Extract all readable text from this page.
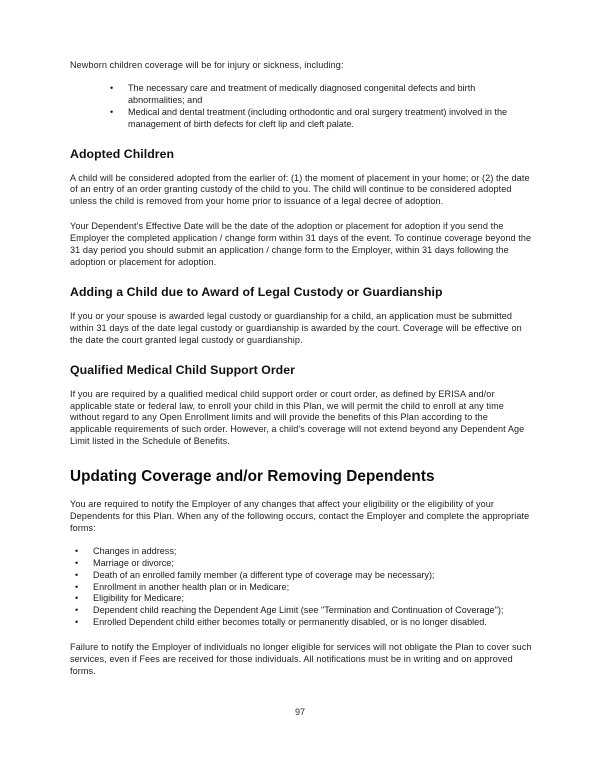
Newborn children coverage will be for injury or sickness, including:

• The necessary care and treatment of medically diagnosed congenital defects and birth abnormalities; and
• Medical and dental treatment (including orthodontic and oral surgery treatment) involved in the management of birth defects for cleft lip and cleft palate.
Adopted Children

A child will be considered adopted from the earlier of: (1) the moment of placement in your home; or (2) the date of an entry of an order granting custody of the child to you. The child will continue to be considered adopted unless the child is removed from your home prior to issuance of a legal decree of adoption.

Your Dependent's Effective Date will be the date of the adoption or placement for adoption if you send the Employer the completed application / change form within 31 days of the event. To continue coverage beyond the 31 day period you should submit an application / change form to the Employer, within 31 days following the adoption or placement for adoption.

Adding a Child due to Award of Legal Custody or Guardianship

If you or your spouse is awarded legal custody or guardianship for a child, an application must be submitted within 31 days of the date legal custody or guardianship is awarded by the court. Coverage will be effective on the date the court granted legal custody or guardianship.

Qualified Medical Child Support Order

If you are required by a qualified medical child support order or court order, as defined by ERISA and/or applicable state or federal law, to enroll your child in this Plan, we will permit the child to enroll at any time without regard to any Open Enrollment limits and will provide the benefits of this Plan according to the applicable requirements of such order. However, a child's coverage will not extend beyond any Dependent Age Limit listed in the Schedule of Benefits.

Updating Coverage and/or Removing Dependents

You are required to notify the Employer of any changes that affect your eligibility or the eligibility of your Dependents for this Plan. When any of the following occurs, contact the Employer and complete the appropriate forms:

• Changes in address;
• Marriage or divorce;
• Death of an enrolled family member (a different type of coverage may be necessary);
• Enrollment in another health plan or in Medicare;
• Eligibility for Medicare;
• Dependent child reaching the Dependent Age Limit (see "Termination and Continuation of Coverage");
• Enrolled Dependent child either becomes totally or permanently disabled, or is no longer disabled.

Failure to notify the Employer of individuals no longer eligible for services will not obligate the Plan to cover such services, even if Fees are received for those individuals. All notifications must be in writing and on approved forms.

97
